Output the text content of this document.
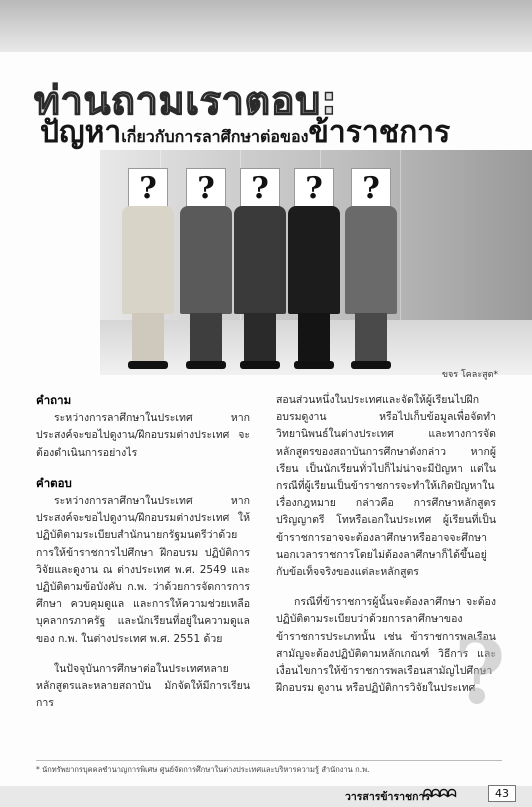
ท่านถามเราตอบ:
ปัญหาเกี่ยวกับการลาศึกษาต่อของข้าราชการ
?	?	?	?	?
ขจร โคละสูต*
คำถาม
ระหว่างการลาศึกษาในประเทศ หากประสงค์จะขอไปดูงาน/ฝึกอบรมต่างประเทศ จะต้องดำเนินการอย่างไร
คำตอบ
ระหว่างการลาศึกษาในประเทศ หากประสงค์จะขอไปดูงาน/ฝึกอบรมต่างประเทศ ให้ปฏิบัติตามระเบียบสำนักนายกรัฐมนตรีว่าด้วยการให้ข้าราชการไปศึกษา ฝึกอบรม ปฏิบัติการวิจัยและดูงาน ณ ต่างประเทศ พ.ศ. 2549 และปฏิบัติตามข้อบังคับ ก.พ. ว่าด้วยการจัดการการศึกษา ควบคุมดูแล และการให้ความช่วยเหลือบุคลากรภาครัฐ และนักเรียนที่อยู่ในความดูแลของ ก.พ. ในต่างประเทศ พ.ศ. 2551 ด้วย
ในปัจจุบันการศึกษาต่อในประเทศหลายหลักสูตรและหลายสถาบัน มักจัดให้มีการเรียนการ
สอนส่วนหนึ่งในประเทศและจัดให้ผู้เรียนไปฝึกอบรมดูงาน หรือไปเก็บข้อมูลเพื่อจัดทำวิทยานิพนธ์ในต่างประเทศ และทางการจัดหลักสูตรของสถาบันการศึกษาดังกล่าว หากผู้เรียน เป็นนักเรียนทั่วไปก็ไม่น่าจะมีปัญหา แต่ในกรณีที่ผู้เรียนเป็นข้าราชการจะทำให้เกิดปัญหาในเรื่องกฎหมาย กล่าวคือ การศึกษาหลักสูตรปริญญาตรี โทหรือเอกในประเทศ ผู้เรียนที่เป็นข้าราชการอาจจะต้องลาศึกษาหรืออาจจะศึกษานอกเวลาราชการโดยไม่ต้องลาศึกษาก็ได้ขึ้นอยู่กับข้อเท็จจริงของแต่ละหลักสูตร
กรณีที่ข้าราชการผู้นั้นจะต้องลาศึกษา จะต้องปฏิบัติตามระเบียบว่าด้วยการลาศึกษาของข้าราชการประเภทนั้น เช่น ข้าราชการพลเรือนสามัญจะต้องปฏิบัติตามหลักเกณฑ์ วิธีการ และเงื่อนไขการให้ข้าราชการพลเรือนสามัญไปศึกษา ฝึกอบรม ดูงาน หรือปฏิบัติการวิจัยในประเทศ
?
* นักทรัพยากรบุคคลชำนาญการพิเศษ ศูนย์จัดการศึกษาในต่างประเทศและบริหารความรู้ สำนักงาน ก.พ.
วารสารข้าราชการ
ᗣᗣᗣᗣ	43
